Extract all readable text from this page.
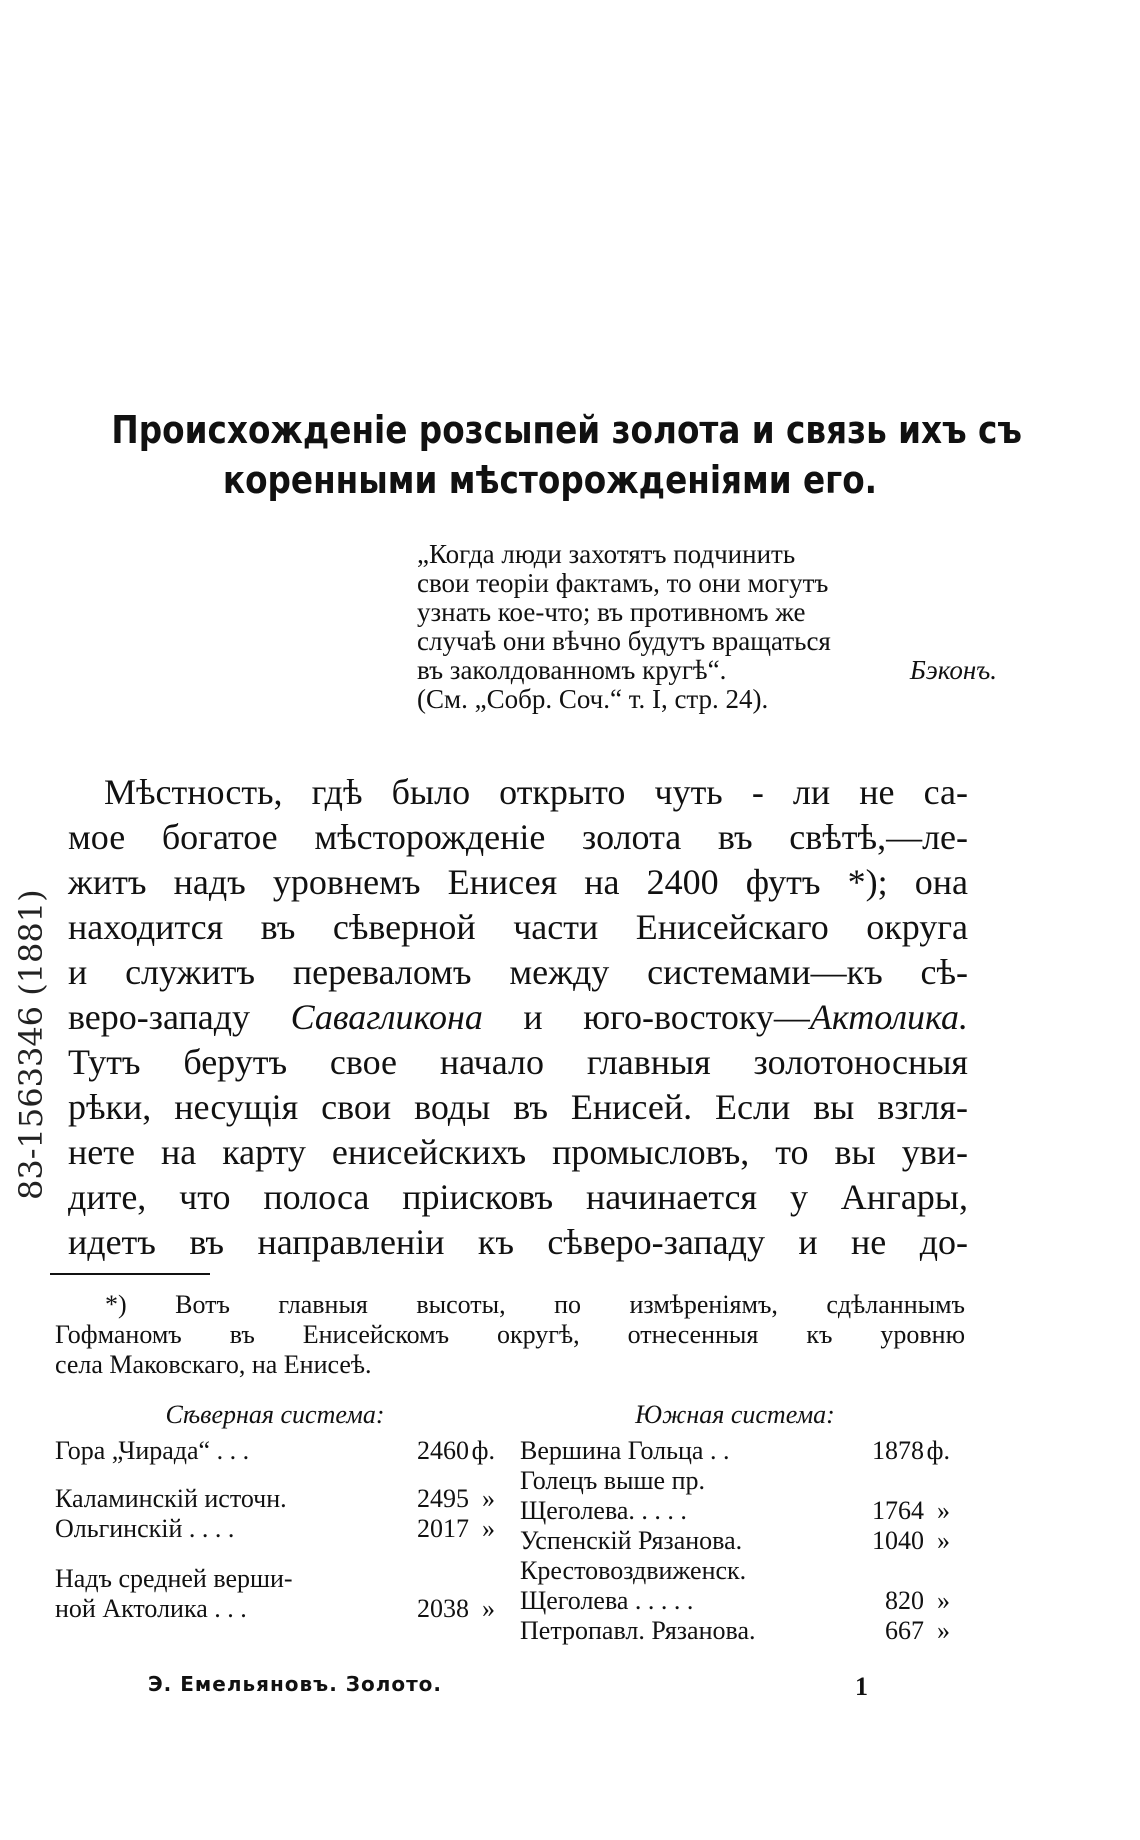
Происхожденіе розсыпей золота и связь ихъ съ
коренными мѣсторожденіями его.
„Когда люди захотятъ подчинить
свои теоріи фактамъ, то они могутъ
узнать кое-что; въ противномъ же
случаѣ они вѣчно будутъ вращаться
въ заколдованномъ кругѣ“.	Бэконъ.
(См. „Собр. Соч.“ т. I, стр. 24).
Мѣстность, гдѣ было открыто чуть - ли не са-
мое богатое мѣсторожденіе золота въ свѣтѣ,—ле-
житъ надъ уровнемъ Енисея на 2400 футъ *); она
находится въ сѣверной части Енисейскаго округа
и служитъ переваломъ между системами—къ сѣ-
веро-западу Савагликона и юго-востоку—Актолика.
Тутъ берутъ свое начало главныя золотоносныя
рѣки, несущія свои воды въ Енисей. Если вы взгля-
нете на карту енисейскихъ промысловъ, то вы уви-
дите, что полоса пріисковъ начинается у Ангары,
идетъ въ направленіи къ сѣверо-западу и не до-
*) Вотъ главныя высоты, по измѣреніямъ, сдѣланнымъ
Гофманомъ въ Енисейскомъ округѣ, отнесенныя къ уровню
села Маковскаго, на Енисеѣ.
Сѣверная система:
Гора „Чирада“ . . .	2460 ф.
Каламинскій источн.	2495 »
Ольгинскій . . . .	2017 »
Надъ средней верши-
ной Актолика . . .	2038 »
Южная система:
Вершина Гольца . .	1878 ф.
Голецъ выше пр.
Щеголева. . . . .	1764 »
Успенскій Рязанова.	1040 »
Крестовоздвиженск.
Щеголева . . . . .	820 »
Петропавл. Рязанова.	667 »
Э. Емельяновъ. Золото.	1
83-1563346 (1881)
